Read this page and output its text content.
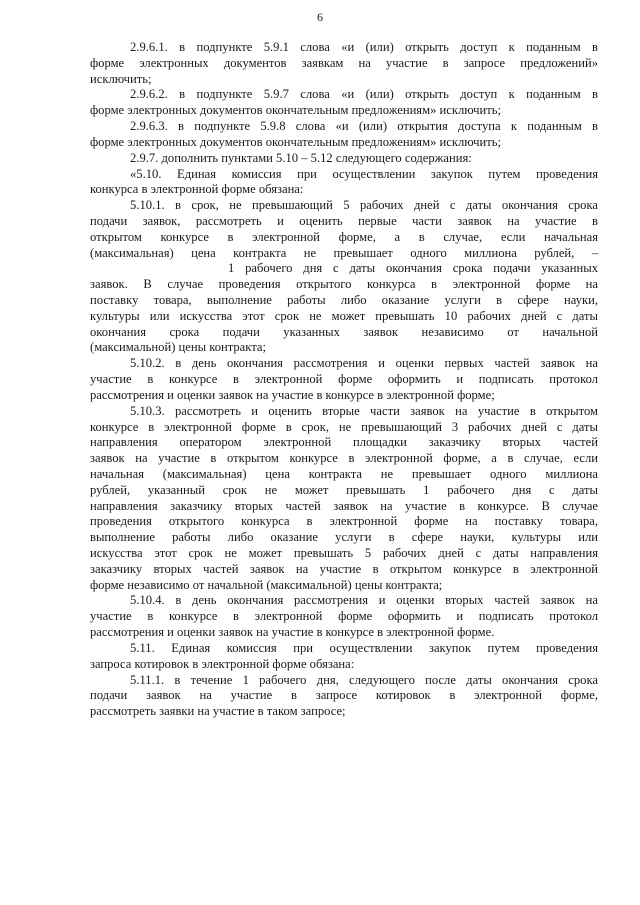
6
2.9.6.1. в подпункте 5.9.1 слова «и (или) открыть доступ к поданным в
форме электронных документов заявкам на участие в запросе предложений»
исключить;
2.9.6.2. в подпункте 5.9.7 слова «и (или) открыть доступ к поданным в
форме электронных документов окончательным предложениям» исключить;
2.9.6.3. в подпункте 5.9.8 слова «и (или) открытия доступа к поданным в
форме электронных документов окончательным предложениям» исключить;
2.9.7. дополнить пунктами 5.10 – 5.12 следующего содержания:
«5.10. Единая комиссия при осуществлении закупок путем проведения
конкурса в электронной форме обязана:
5.10.1. в срок, не превышающий 5 рабочих дней с даты окончания срока
подачи заявок, рассмотреть и оценить первые части заявок на участие в
открытом конкурсе в электронной форме, а в случае, если начальная
(максимальная) цена контракта не превышает одного миллиона рублей, –
1 рабочего дня с даты окончания срока подачи указанных
заявок. В случае проведения открытого конкурса в электронной форме на
поставку товара, выполнение работы либо оказание услуги в сфере науки,
культуры или искусства этот срок не может превышать 10 рабочих дней с даты
окончания срока подачи указанных заявок независимо от начальной
(максимальной) цены контракта;
5.10.2. в день окончания рассмотрения и оценки первых частей заявок на
участие в конкурсе в электронной форме оформить и подписать протокол
рассмотрения и оценки заявок на участие в конкурсе в электронной форме;
5.10.3. рассмотреть и оценить вторые части заявок на участие в открытом
конкурсе в электронной форме в срок, не превышающий 3 рабочих дней с даты
направления оператором электронной площадки заказчику вторых частей
заявок на участие в открытом конкурсе в электронной форме, а в случае, если
начальная (максимальная) цена контракта не превышает одного миллиона
рублей, указанный срок не может превышать 1 рабочего дня с даты
направления заказчику вторых частей заявок на участие в конкурсе. В случае
проведения открытого конкурса в электронной форме на поставку товара,
выполнение работы либо оказание услуги в сфере науки, культуры или
искусства этот срок не может превышать 5 рабочих дней с даты направления
заказчику вторых частей заявок на участие в открытом конкурсе в электронной
форме независимо от начальной (максимальной) цены контракта;
5.10.4. в день окончания рассмотрения и оценки вторых частей заявок на
участие в конкурсе в электронной форме оформить и подписать протокол
рассмотрения и оценки заявок на участие в конкурсе в электронной форме.
5.11. Единая комиссия при осуществлении закупок путем проведения
запроса котировок в электронной форме обязана:
5.11.1. в течение 1 рабочего дня, следующего после даты окончания срока
подачи заявок на участие в запросе котировок в электронной форме,
рассмотреть заявки на участие в таком запросе;
